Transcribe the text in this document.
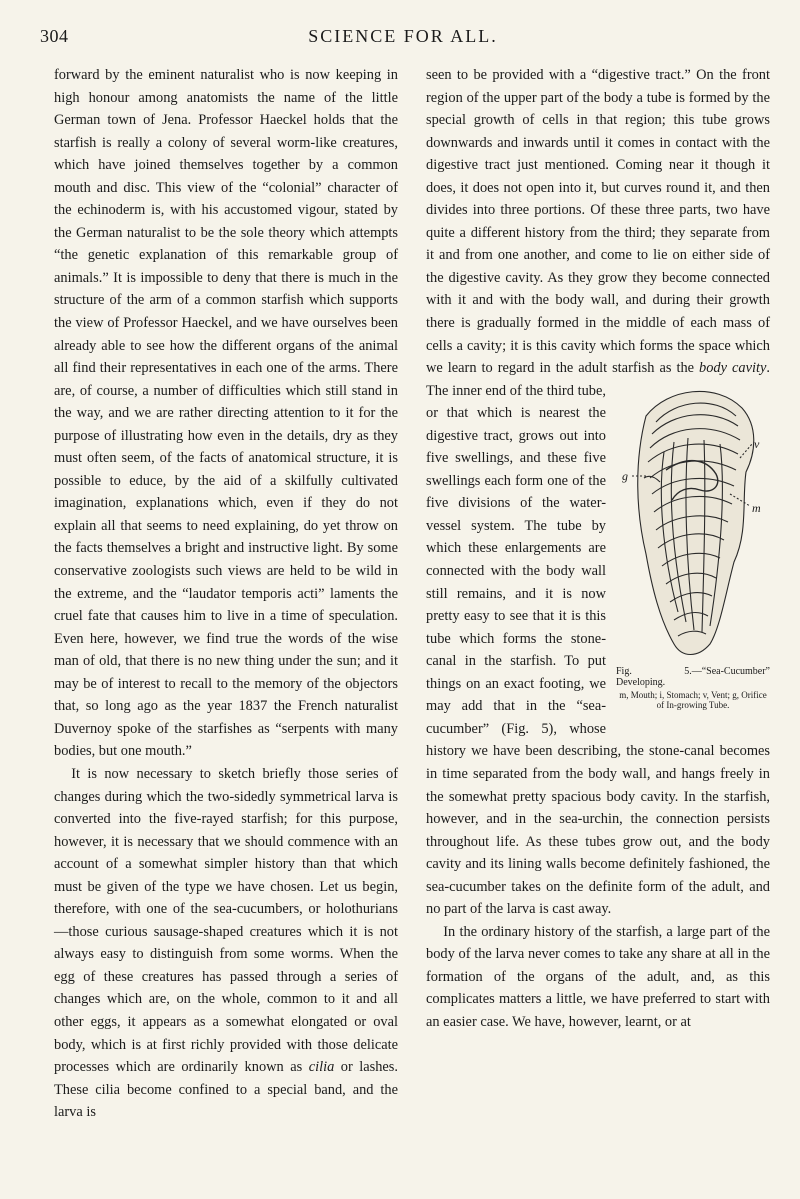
304	SCIENCE FOR ALL.

forward by the eminent naturalist who is now keeping in high honour among anatomists the name of the little German town of Jena. Professor Haeckel holds that the starfish is really a colony of several worm-like creatures, which have joined themselves together by a common mouth and disc. This view of the “colonial” character of the echinoderm is, with his accustomed vigour, stated by the German naturalist to be the sole theory which attempts “the genetic explanation of this remarkable group of animals.” It is impossible to deny that there is much in the structure of the arm of a common starfish which supports the view of Professor Haeckel, and we have ourselves been already able to see how the different organs of the animal all find their representatives in each one of the arms. There are, of course, a number of difficulties which still stand in the way, and we are rather directing attention to it for the purpose of illustrating how even in the details, dry as they must often seem, of the facts of anatomical structure, it is possible to educe, by the aid of a skilfully cultivated imagination, explanations which, even if they do not explain all that seems to need explaining, do yet throw on the facts themselves a bright and instructive light. By some conservative zoologists such views are held to be wild in the extreme, and the “laudator temporis acti” laments the cruel fate that causes him to live in a time of speculation. Even here, however, we find true the words of the wise man of old, that there is no new thing under the sun; and it may be of interest to recall to the memory of the objectors that, so long ago as the year 1837 the French naturalist Duvernoy spoke of the starfishes as “serpents with many bodies, but one mouth.”

It is now necessary to sketch briefly those series of changes during which the two-sidedly symmetrical larva is converted into the five-rayed starfish; for this purpose, however, it is necessary that we should commence with an account of a somewhat simpler history than that which must be given of the type we have chosen. Let us begin, therefore, with one of the sea-cucumbers, or holothurians—those curious sausage-shaped creatures which it is not always easy to distinguish from some worms. When the egg of these creatures has passed through a series of changes which are, on the whole, common to it and all other eggs, it appears as a somewhat elongated or oval body, which is at first richly provided with those delicate processes which are ordinarily known as cilia or lashes. These cilia become confined to a special band, and the larva is

seen to be provided with a “digestive tract.” On the front region of the upper part of the body a tube is formed by the special growth of cells in that region; this tube grows downwards and inwards until it comes in contact with the digestive tract just mentioned. Coming near it though it does, it does not open into it, but curves round it, and then divides into three portions. Of these three parts, two have quite a different history from the third; they separate from it and from one another, and come to lie on either side of the digestive cavity. As they grow they become connected with it and with the body wall, and during their growth there is gradually formed in the middle of each mass of cells a cavity; it is this cavity which forms the space which we learn to regard in the adult starfish as the
v
g
m
Fig. 5.—“Sea-Cucumber” Developing.
m, Mouth; i, Stomach; v, Vent; g, Orifice of In-growing Tube.
body cavity. The inner end of the third tube, or that which is nearest the digestive tract, grows out into five swellings, and these five swellings each form one of the five divisions of the water-vessel system. The tube by which these enlargements are connected with the body wall still remains, and it is now pretty easy to see that it is this tube which forms the stone-canal in the starfish. To put things on an exact footing, we may add that in the “sea-cucumber” (Fig. 5), whose history we have been describing, the stone-canal becomes in time separated from the body wall, and hangs freely in the somewhat pretty spacious body cavity. In the starfish, however, and in the sea-urchin, the connection persists throughout life. As these tubes grow out, and the body cavity and its lining walls become definitely fashioned, the sea-cucumber takes on the definite form of the adult, and no part of the larva is cast away.

In the ordinary history of the starfish, a large part of the body of the larva never comes to take any share at all in the formation of the organs of the adult, and, as this complicates matters a little, we have preferred to start with an easier case. We have, however, learnt, or at
